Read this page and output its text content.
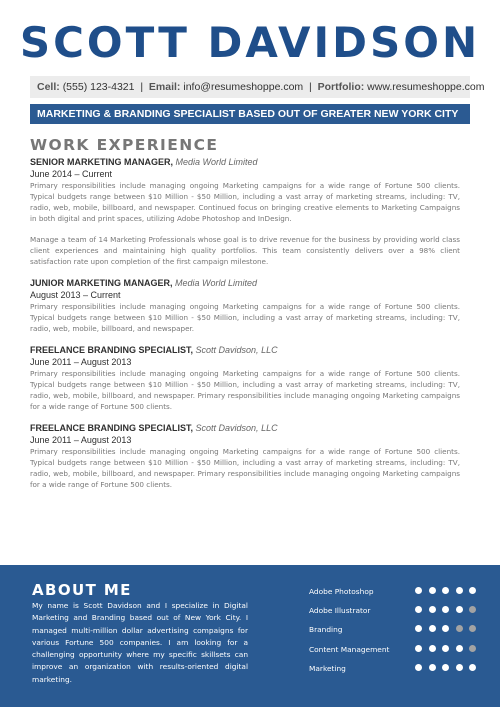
SCOTT DAVIDSON
Cell: (555) 123-4321 | Email: info@resumeshoppe.com | Portfolio: www.resumeshoppe.com
MARKETING & BRANDING SPECIALIST BASED OUT OF GREATER NEW YORK CITY
WORK EXPERIENCE
SENIOR MARKETING MANAGER, Media World Limited
June 2014 – Current

Primary responsibilities include managing ongoing Marketing campaigns for a wide range of Fortune 500 clients. Typical budgets range between $10 Million - $50 Million, including a vast array of marketing streams, including: TV, radio, web, mobile, billboard, and newspaper. Continued focus on bringing creative elements to Marketing Campaigns in both digital and print spaces, utilizing Adobe Photoshop and InDesign.

Manage a team of 14 Marketing Professionals whose goal is to drive revenue for the business by providing world class client experiences and maintaining high quality portfolios. This team consistently delivers over a 98% client satisfaction rate upon completion of the first campaign milestone.

JUNIOR MARKETING MANAGER, Media World Limited
August 2013 – Current

Primary responsibilities include managing ongoing Marketing campaigns for a wide range of Fortune 500 clients. Typical budgets range between $10 Million - $50 Million, including a vast array of marketing streams, including: TV, radio, web, mobile, billboard, and newspaper.

FREELANCE BRANDING SPECIALIST, Scott Davidson, LLC
June 2011 – August 2013

Primary responsibilities include managing ongoing Marketing campaigns for a wide range of Fortune 500 clients. Typical budgets range between $10 Million - $50 Million, including a vast array of marketing streams, including: TV, radio, web, mobile, billboard, and newspaper. Primary responsibilities include managing ongoing Marketing campaigns for a wide range of Fortune 500 clients.

FREELANCE BRANDING SPECIALIST, Scott Davidson, LLC
June 2011 – August 2013

Primary responsibilities include managing ongoing Marketing campaigns for a wide range of Fortune 500 clients. Typical budgets range between $10 Million - $50 Million, including a vast array of marketing streams, including: TV, radio, web, mobile, billboard, and newspaper. Primary responsibilities include managing ongoing Marketing campaigns for a wide range of Fortune 500 clients.

ABOUT ME

My name is Scott Davidson and I specialize in Digital Marketing and Branding based out of New York City. I managed multi-million dollar advertising compaigns for various Fortune 500 companies. I am looking for a challenging opportunity where my specific skillsets can improve an organization with results-oriented digital marketing.

Adobe Photoshop
Adobe Illustrator
Branding
Content Management
Marketing
